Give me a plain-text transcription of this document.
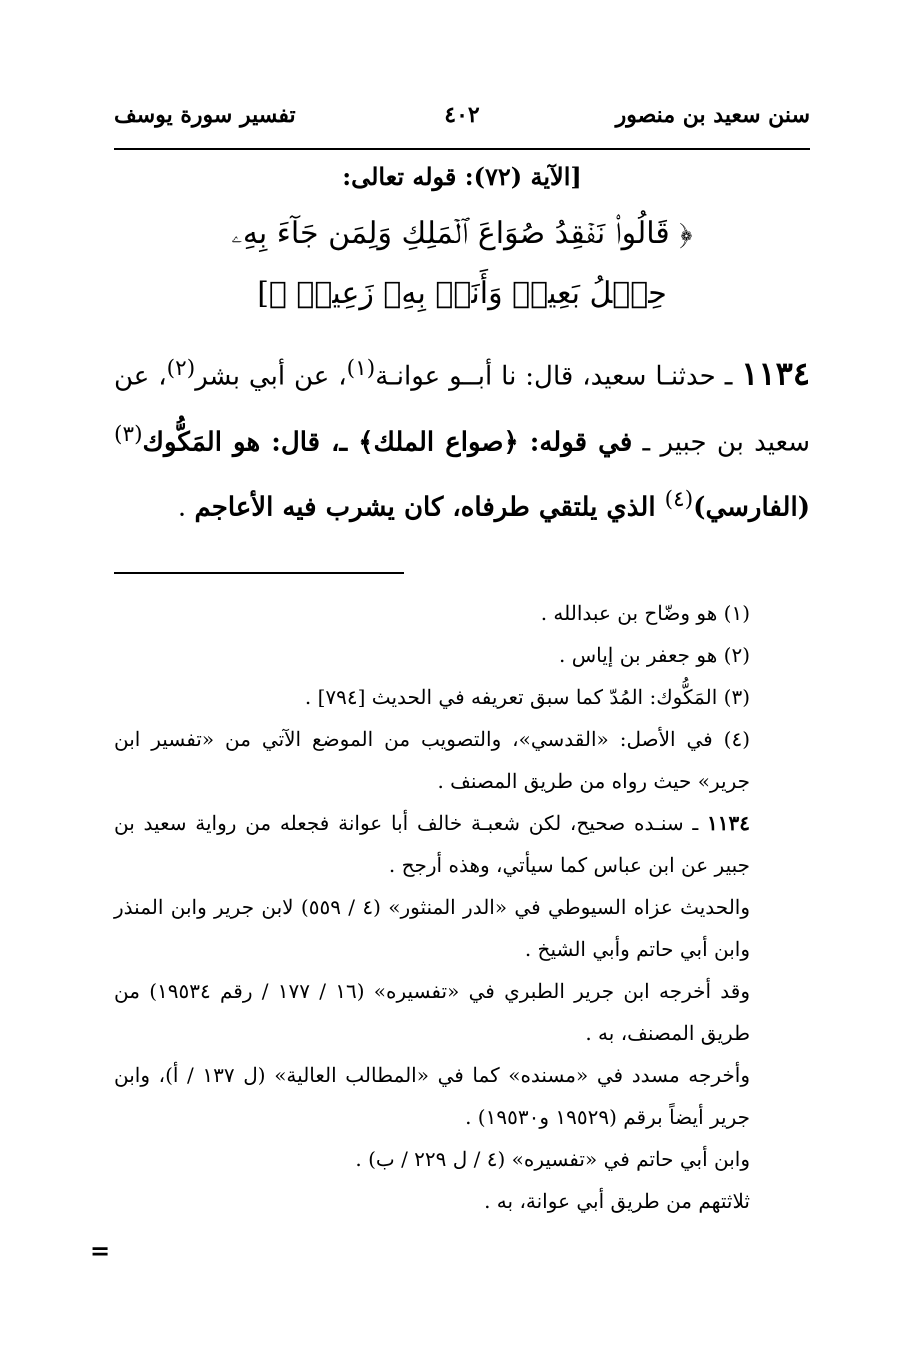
سنن سعيد بن منصور
٤٠٢
تفسير سورة يوسف
[الآية (٧٢): قوله تعالى:
﴿ قَالُوا۟ نَفۡقِدُ صُوَاعَ ٱلۡمَلِكِ وَلِمَن جَآءَ بِهِۦ
حِمۡلُ بَعِيرٖ وَأَنَا۠ بِهِۦ زَعِيمٞ ﴾]

١١٣٤ ـ حدثنـا سعيد، قال: نا أبــو عوانـة$^{(١)}$، عن أبي بشر$^{(٢)}$، عن سعيد بن جبير ـ في قوله: ﴿صواع الملك﴾ ـ، قال: هو المَكُّوك$^{(٣)}$ (الفارسي)$^{(٤)}$ الذي يلتقي طرفاه، كان يشرب فيه الأعاجم .

(١) هو وضّاح بن عبدالله .

(٢) هو جعفر بن إياس .

(٣) المَكُّوك: المُدّ كما سبق تعريفه في الحديث [٧٩٤] .

(٤) في الأصل: «القدسي»، والتصويب من الموضع الآتي من «تفسير ابن جرير» حيث رواه من طريق المصنف .

١١٣٤ ـ سنـده صحيح، لكن شعبـة خالف أبا عوانة فجعله من رواية سعيد بن جبير عن ابن عباس كما سيأتي، وهذه أرجح .

والحديث عزاه السيوطي في «الدر المنثور» (٤ / ٥٥٩) لابن جرير وابن المنذر وابن أبي حاتم وأبي الشيخ .

وقد أخرجه ابن جرير الطبري في «تفسيره» (١٦ / ١٧٧ / رقم ١٩٥٣٤) من طريق المصنف، به .

وأخرجه مسدد في «مسنده» كما في «المطالب العالية» (ل ١٣٧ / أ)، وابن جرير أيضاً برقم (١٩٥٢٩ و١٩٥٣٠) .

وابن أبي حاتم في «تفسيره» (٤ / ل ٢٢٩ / ب) .

ثلاثتهم من طريق أبي عوانة، به .

=
